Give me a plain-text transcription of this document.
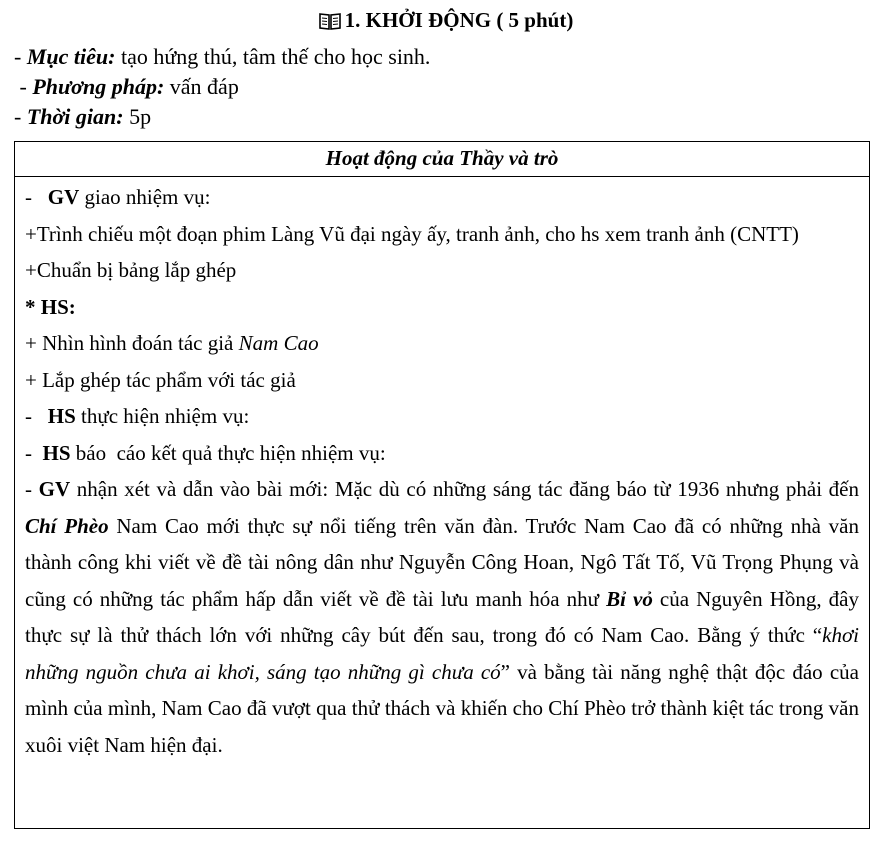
1. KHỞI ĐỘNG ( 5 phút)
- Mục tiêu: tạo hứng thú, tâm thế cho học sinh.
- Phương pháp: vấn đáp
- Thời gian: 5p
Hoạt động của Thầy và trò
-   GV giao nhiệm vụ:
+Trình chiếu một đoạn phim Làng Vũ đại ngày ấy, tranh ảnh, cho hs xem tranh ảnh (CNTT)
+Chuẩn bị bảng lắp ghép
* HS:
+ Nhìn hình đoán tác giả Nam Cao
+ Lắp ghép tác phẩm với tác giả
-   HS thực hiện nhiệm vụ:
-  HS báo  cáo kết quả thực hiện nhiệm vụ:
- GV nhận xét và dẫn vào bài mới: Mặc dù có những sáng tác đăng báo từ 1936 nhưng phải đến Chí Phèo Nam Cao mới thực sự nổi tiếng trên văn đàn. Trước Nam Cao đã có những nhà văn thành công khi viết về đề tài nông dân như Nguyễn Công Hoan, Ngô Tất Tố, Vũ Trọng Phụng và cũng có những tác phẩm hấp dẫn viết về đề tài lưu manh hóa như Bỉ vỏ của Nguyên Hồng, đây thực sự là thử thách lớn với những cây bút đến sau, trong đó có Nam Cao. Bằng ý thức “khơi những nguồn chưa ai khơi, sáng tạo những gì chưa có” và bằng tài năng nghệ thật độc đáo của mình của mình, Nam Cao đã vượt qua thử thách và khiến cho Chí Phèo trở thành kiệt tác trong văn xuôi việt Nam hiện đại.
